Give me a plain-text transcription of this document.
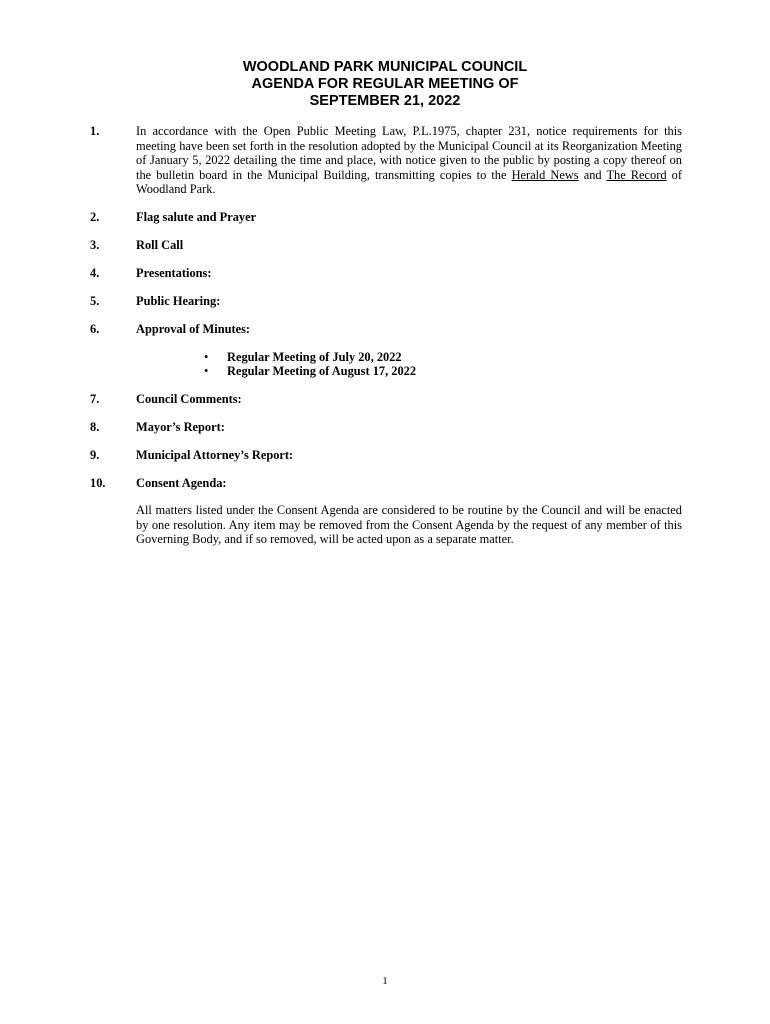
WOODLAND PARK MUNICIPAL COUNCIL
AGENDA FOR REGULAR MEETING OF
SEPTEMBER 21, 2022
1.	In accordance with the Open Public Meeting Law, P.L.1975, chapter 231, notice requirements for this meeting have been set forth in the resolution adopted by the Municipal Council at its Reorganization Meeting of January 5, 2022 detailing the time and place, with notice given to the public by posting a copy thereof on the bulletin board in the Municipal Building, transmitting copies to the Herald News and The Record of Woodland Park.
2.	Flag salute and Prayer
3.	Roll Call
4.	Presentations:
5.	Public Hearing:
6.	Approval of Minutes:
• Regular Meeting of July 20, 2022
• Regular Meeting of August 17, 2022
7.	Council Comments:
8.	Mayor’s Report:
9.	Municipal Attorney’s Report:
10. Consent Agenda:
All matters listed under the Consent Agenda are considered to be routine by the Council and will be enacted by one resolution. Any item may be removed from the Consent Agenda by the request of any member of this Governing Body, and if so removed, will be acted upon as a separate matter.
1
